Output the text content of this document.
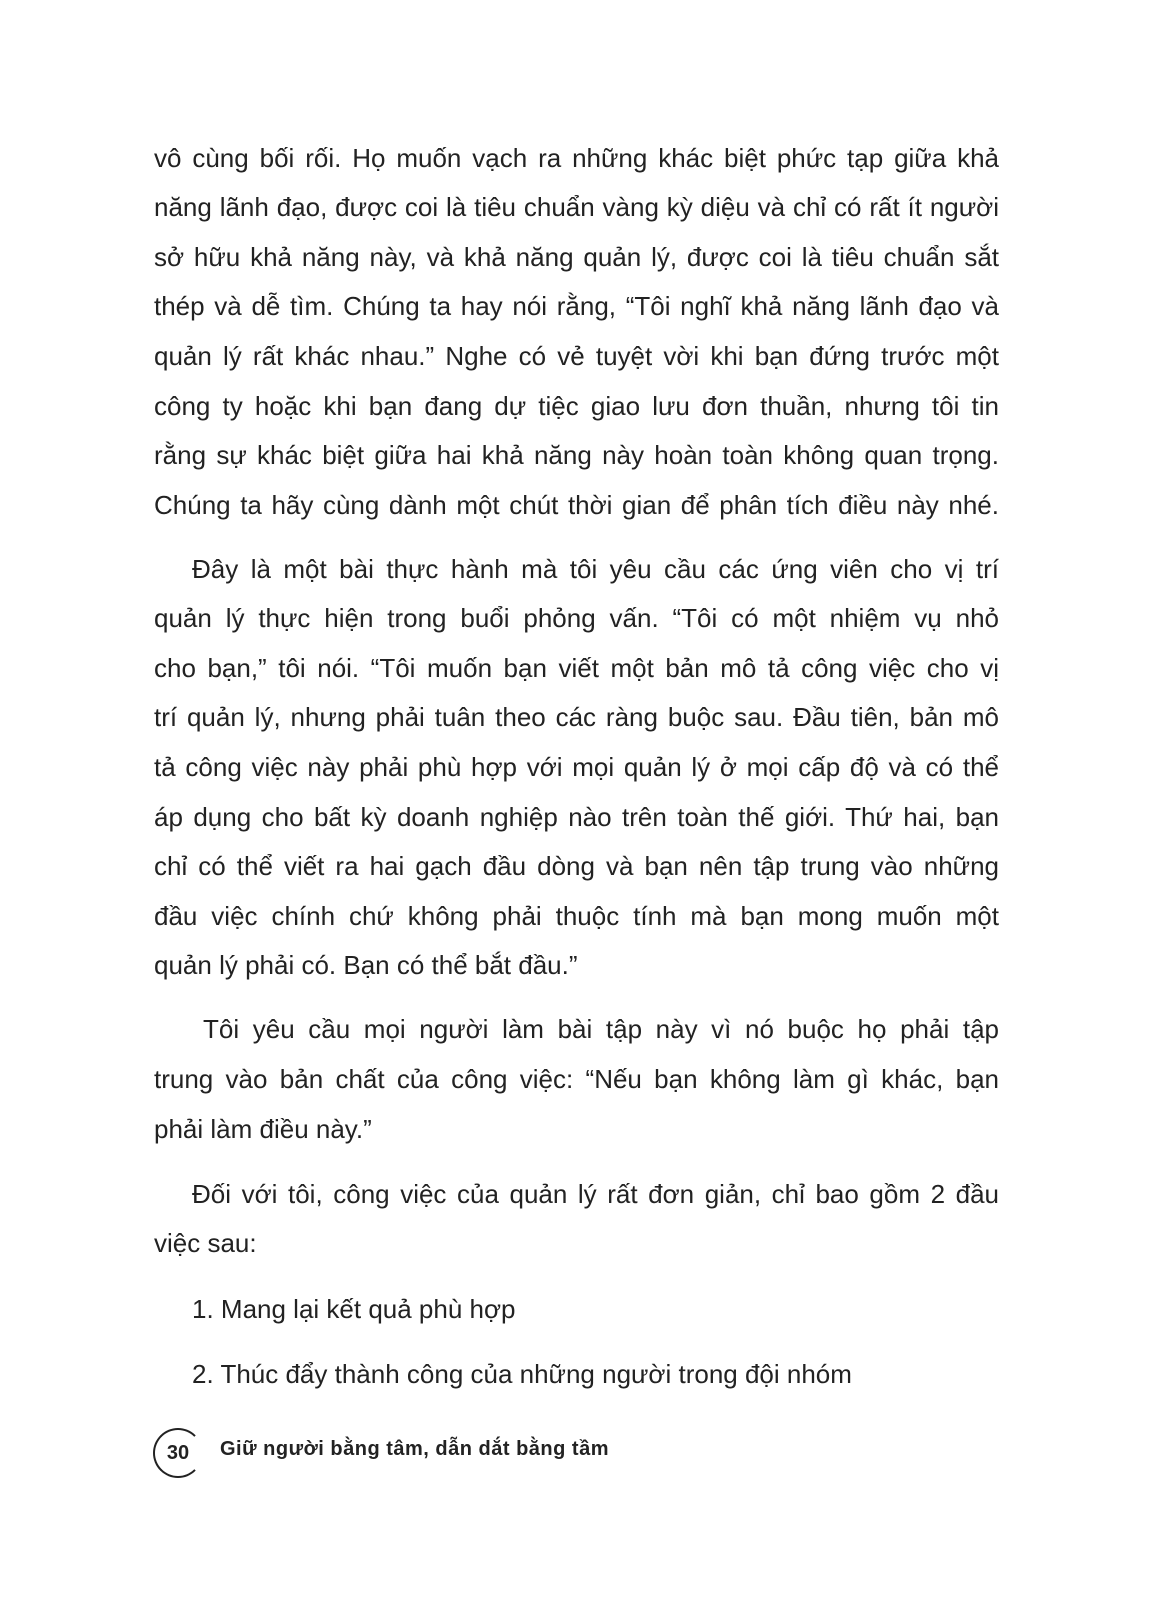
vô cùng bối rối. Họ muốn vạch ra những khác biệt phức tạp giữa khả
năng lãnh đạo, được coi là tiêu chuẩn vàng kỳ diệu và chỉ có rất ít người
sở hữu khả năng này, và khả năng quản lý, được coi là tiêu chuẩn sắt
thép và dễ tìm. Chúng ta hay nói rằng, “Tôi nghĩ khả năng lãnh đạo và
quản lý rất khác nhau.” Nghe có vẻ tuyệt vời khi bạn đứng trước một
công ty hoặc khi bạn đang dự tiệc giao lưu đơn thuần, nhưng tôi tin
rằng sự khác biệt giữa hai khả năng này hoàn toàn không quan trọng.
Chúng ta hãy cùng dành một chút thời gian để phân tích điều này nhé.
Đây là một bài thực hành mà tôi yêu cầu các ứng viên cho vị trí
quản lý thực hiện trong buổi phỏng vấn. “Tôi có một nhiệm vụ nhỏ
cho bạn,” tôi nói. “Tôi muốn bạn viết một bản mô tả công việc cho vị
trí quản lý, nhưng phải tuân theo các ràng buộc sau. Đầu tiên, bản mô
tả công việc này phải phù hợp với mọi quản lý ở mọi cấp độ và có thể
áp dụng cho bất kỳ doanh nghiệp nào trên toàn thế giới. Thứ hai, bạn
chỉ có thể viết ra hai gạch đầu dòng và bạn nên tập trung vào những
đầu việc chính chứ không phải thuộc tính mà bạn mong muốn một
quản lý phải có. Bạn có thể bắt đầu.”
Tôi yêu cầu mọi người làm bài tập này vì nó buộc họ phải tập
trung vào bản chất của công việc: “Nếu bạn không làm gì khác, bạn
phải làm điều này.”
Đối với tôi, công việc của quản lý rất đơn giản, chỉ bao gồm 2 đầu
việc sau:
1. Mang lại kết quả phù hợp
2. Thúc đẩy thành công của những người trong đội nhóm
30	Giữ người bằng tâm, dẫn dắt bằng tầm
